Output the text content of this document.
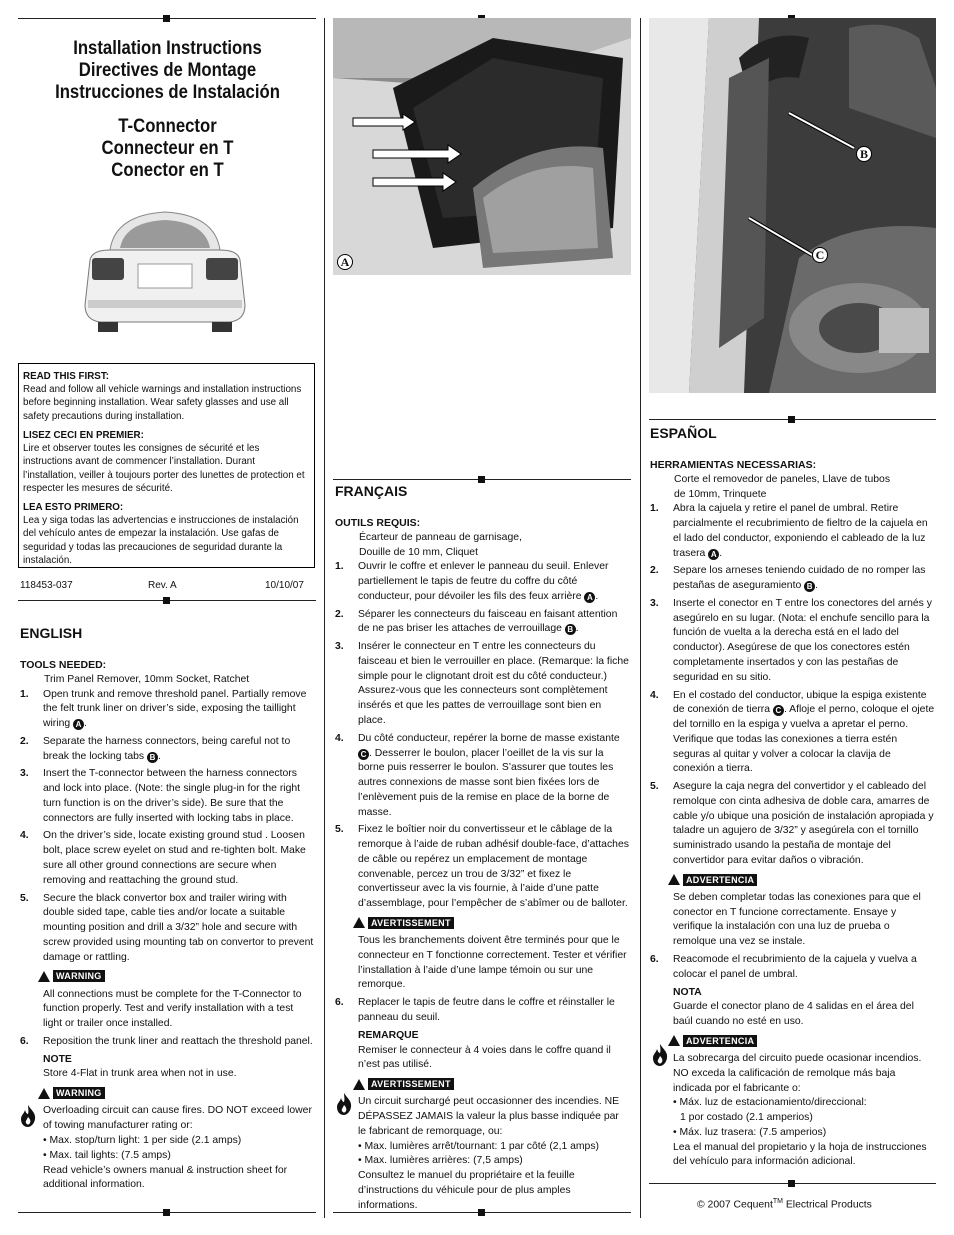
Installation Instructions
Directives de Montage
Instrucciones de Instalación
T-Connector
Connecteur en T
Conector en T
READ THIS FIRST:

Read and follow all vehicle warnings and installation instructions before beginning installation. Wear safety glasses and use all safety precautions during installation.

LISEZ CECI EN PREMIER:

Lire et observer toutes les consignes de sécurité et les instructions avant de commencer l’installation. Durant l’installation, veiller à toujours porter des lunettes de protection et respecter les mesures de sécurité.

LEA ESTO PRIMERO:

Lea y siga todas las advertencias e instrucciones de instalación del vehículo antes de empezar la instalación. Use gafas de seguridad y todas las precauciones de seguridad durante la instalación.

118453-037	Rev. A	10/10/07
ENGLISH
TOOLS NEEDED:
Trim Panel Remover, 10mm Socket, Ratchet
1. Open trunk and remove threshold panel. Partially remove the felt trunk liner on driver’s side, exposing the taillight wiring A .
2. Separate the harness connectors, being careful not to break the locking tabs B .
3. Insert the T-connector between the harness connectors and lock into place. (Note: the single plug-in for the right turn function is on the driver’s side). Be sure that the connectors are fully inserted with locking tabs in place.
4. On the driver’s side, locate existing ground stud . Loosen bolt, place screw eyelet on stud and re-tighten bolt. Make sure all other ground connections are secure when removing and reattaching the ground stud.
5. Secure the black convertor box and trailer wiring with double sided tape, cable ties and/or locate a suitable mounting position and drill a 3/32” hole and secure with screw provided using mounting tab on convertor to prevent damage or rattling.
WARNING
All connections must be complete for the T-Connector to function properly. Test and verify installation with a test light or trailer once installed.
6. Reposition the trunk liner and reattach the threshold panel.
NOTE
Store 4-Flat in trunk area when not in use.
WARNING
Overloading circuit can cause fires. DO NOT exceed lower of towing manufacturer rating or:
• Max. stop/turn light: 1 per side (2.1 amps)
• Max. tail lights: (7.5 amps)
Read vehicle’s owners manual & instruction sheet for additional information.
A
FRANÇAIS
OUTILS REQUIS:
Écarteur de panneau de garnisage,
Douille de 10 mm, Cliquet
1. Ouvrir le coffre et enlever le panneau du seuil. Enlever partiellement le tapis de feutre du coffre du côté conducteur, pour dévoiler les fils des feux arrière A .
2. Séparer les connecteurs du faisceau en faisant attention de ne pas briser les attaches de verrouillage B .
3. Insérer le connecteur en T entre les connecteurs du faisceau et bien le verrouiller en place. (Remarque: la fiche simple pour le clignotant droit est du côté conducteur.) Assurez-vous que les connecteurs sont complètement insérés et que les pattes de verrouillage sont bien en place.
4. Du côté conducteur, repérer la borne de masse existante C . Desserrer le boulon, placer l’oeillet de la vis sur la borne puis resserrer le boulon. S’assurer que toutes les autres connexions de masse sont bien fixées lors de l’enlèvement puis de la remise en place de la borne de masse.
5. Fixez le boîtier noir du convertisseur et le câblage de la remorque à l’aide de ruban adhésif double-face, d’attaches de câble ou repérez un emplacement de montage convenable, percez un trou de 3/32” et fixez le convertisseur avec la vis fournie, à l’aide d’une patte d’assemblage, pour l’empêcher de s’abîmer ou de balloter.
AVERTISSEMENT
Tous les branchements doivent être terminés pour que le connecteur en T fonctionne correctement. Tester et vérifier l’installation à l’aide d’une lampe témoin ou sur une remorque.
6. Replacer le tapis de feutre dans le coffre et réinstaller le panneau du seuil.
REMARQUE
Remiser le connecteur à 4 voies dans le coffre quand il n’est pas utilisé.
AVERTISSEMENT
Un circuit surchargé peut occasionner des incendies. NE DÉPASSEZ JAMAIS la valeur la plus basse indiquée par le fabricant de remorquage, ou:
• Max. lumières arrêt/tournant: 1 par côté (2,1 amps)
• Max. lumières arrières: (7,5 amps)
Consultez le manuel du propriétaire et la feuille d’instructions du véhicule pour de plus amples informations.
B
C
ESPAÑOL
HERRAMIENTAS NECESSARIAS:
Corte el removedor de paneles, Llave de tubos
de 10mm, Trinquete
1. Abra la cajuela y retire el panel de umbral. Retire parcialmente el recubrimiento de fieltro de la cajuela en el lado del conductor, exponiendo el cableado de la luz trasera A .
2. Separe los arneses teniendo cuidado de no romper las pestañas de aseguramiento B .
3. Inserte el conector en T entre los conectores del arnés y asegúrelo en su lugar. (Nota: el enchufe sencillo para la función de vuelta a la derecha está en el lado del conductor). Asegúrese de que los conectores estén completamente insertados y con las pestañas de seguridad en su sitio.
4. En el costado del conductor, ubique la espiga existente de conexión de tierra C . Afloje el perno, coloque el ojete del tornillo en la espiga y vuelva a apretar el perno. Verifique que todas las conexiones a tierra estén seguras al quitar y volver a colocar la clavija de conexión a tierra.
5. Asegure la caja negra del convertidor y el cableado del remolque con cinta adhesiva de doble cara, amarres de cable y/o ubique una posición de instalación apropiada y taladre un agujero de 3/32” y asegúrela con el tornillo suministrado usando la pestaña de montaje del convertidor para evitar daños o vibración.
ADVERTENCIA
Se deben completar todas las conexiones para que el conector en T funcione correctamente. Ensaye y verifique la instalación con una luz de prueba o remolque una vez se instale.
6. Reacomode el recubrimiento de la cajuela y vuelva a colocar el panel de umbral.
NOTA
Guarde el conector plano de 4 salidas en el área del baúl cuando no esté en uso.
ADVERTENCIA
La sobrecarga del circuito puede ocasionar incendios. NO exceda la calificación de remolque más baja indicada por el fabricante o:
• Máx. luz de estacionamiento/direccional:
1 por costado (2.1 amperios)
• Máx. luz trasera: (7.5 amperios)
Lea el manual del propietario y la hoja de instrucciones del vehículo para información adicional.
© 2007 Cequent™ Electrical Products
